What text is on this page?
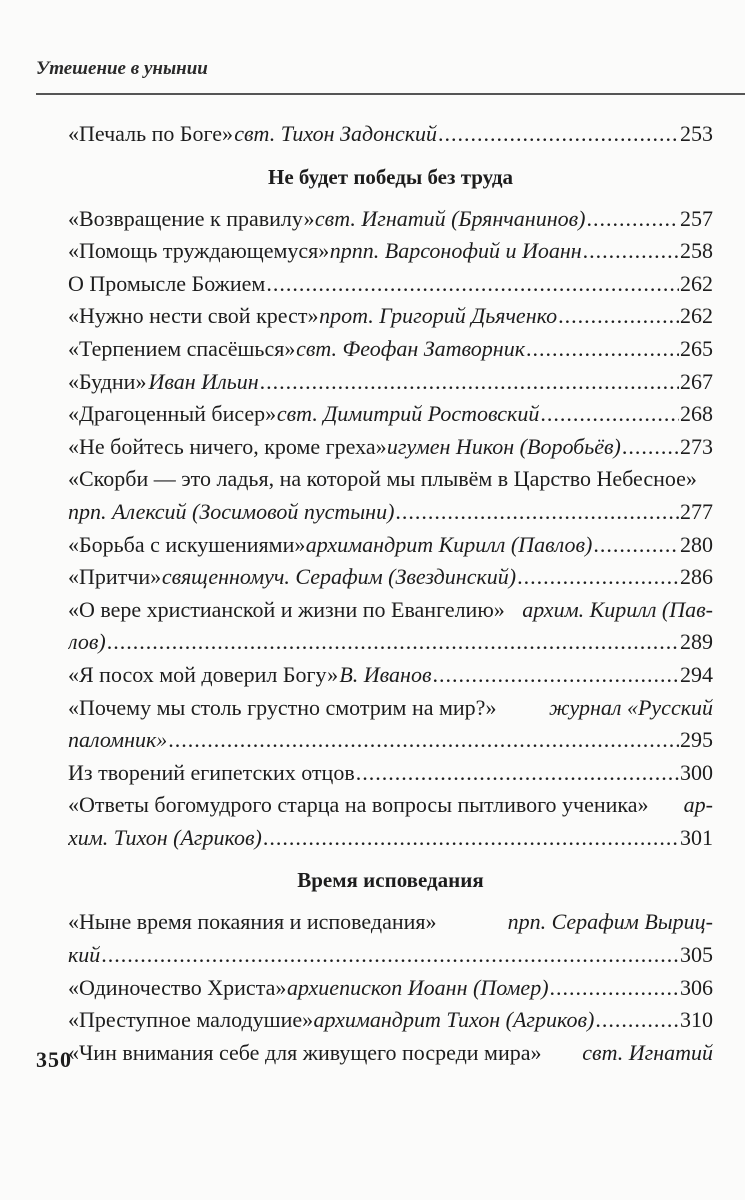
Утешение в унынии
«Печаль по Боге» свт. Тихон Задонский .....	253
Не будет победы без труда
«Возвращение к правилу» свт. Игнатий (Брянчанинов) .....	257
«Помощь труждающемуся» прпп. Варсонофий и Иоанн .....	258
О Промысле Божием .....	262
«Нужно нести свой крест» прот. Григорий Дьяченко .....	262
«Терпением спасёшься» свт. Феофан Затворник .....	265
«Будни» Иван Ильин .....	267
«Драгоценный бисер» свт. Димитрий Ростовский .....	268
«Не бойтесь ничего, кроме греха» игумен Никон (Воробьёв) .....	273
«Скорби — это ладья, на которой мы плывём в Царство Небесное»
прп. Алексий (Зосимовой пустыни) .....	277
«Борьба с искушениями» архимандрит Кирилл (Павлов) .....	280
«Притчи» священномуч. Серафим (Звездинский) .....	286
«О вере христианской и жизни по Евангелию» архим. Кирилл (Пав-
лов) .....	289
«Я посох мой доверил Богу» В. Иванов .....	294
«Почему мы столь грустно смотрим на мир?» журнал «Русский
паломник» .....	295
Из творений египетских отцов .....	300
«Ответы богомудрого старца на вопросы пытливого ученика» ар-
хим. Тихон (Агриков) .....	301
Время исповедания
«Ныне время покаяния и исповедания»	прп. Серафим Выриц-
кий .....	305
«Одиночество Христа» архиепископ Иоанн (Помер) .....	306
«Преступное малодушие» архимандрит Тихон (Агриков) .....	310
«Чин внимания себе для живущего посреди мира» свт. Игнатий
350
